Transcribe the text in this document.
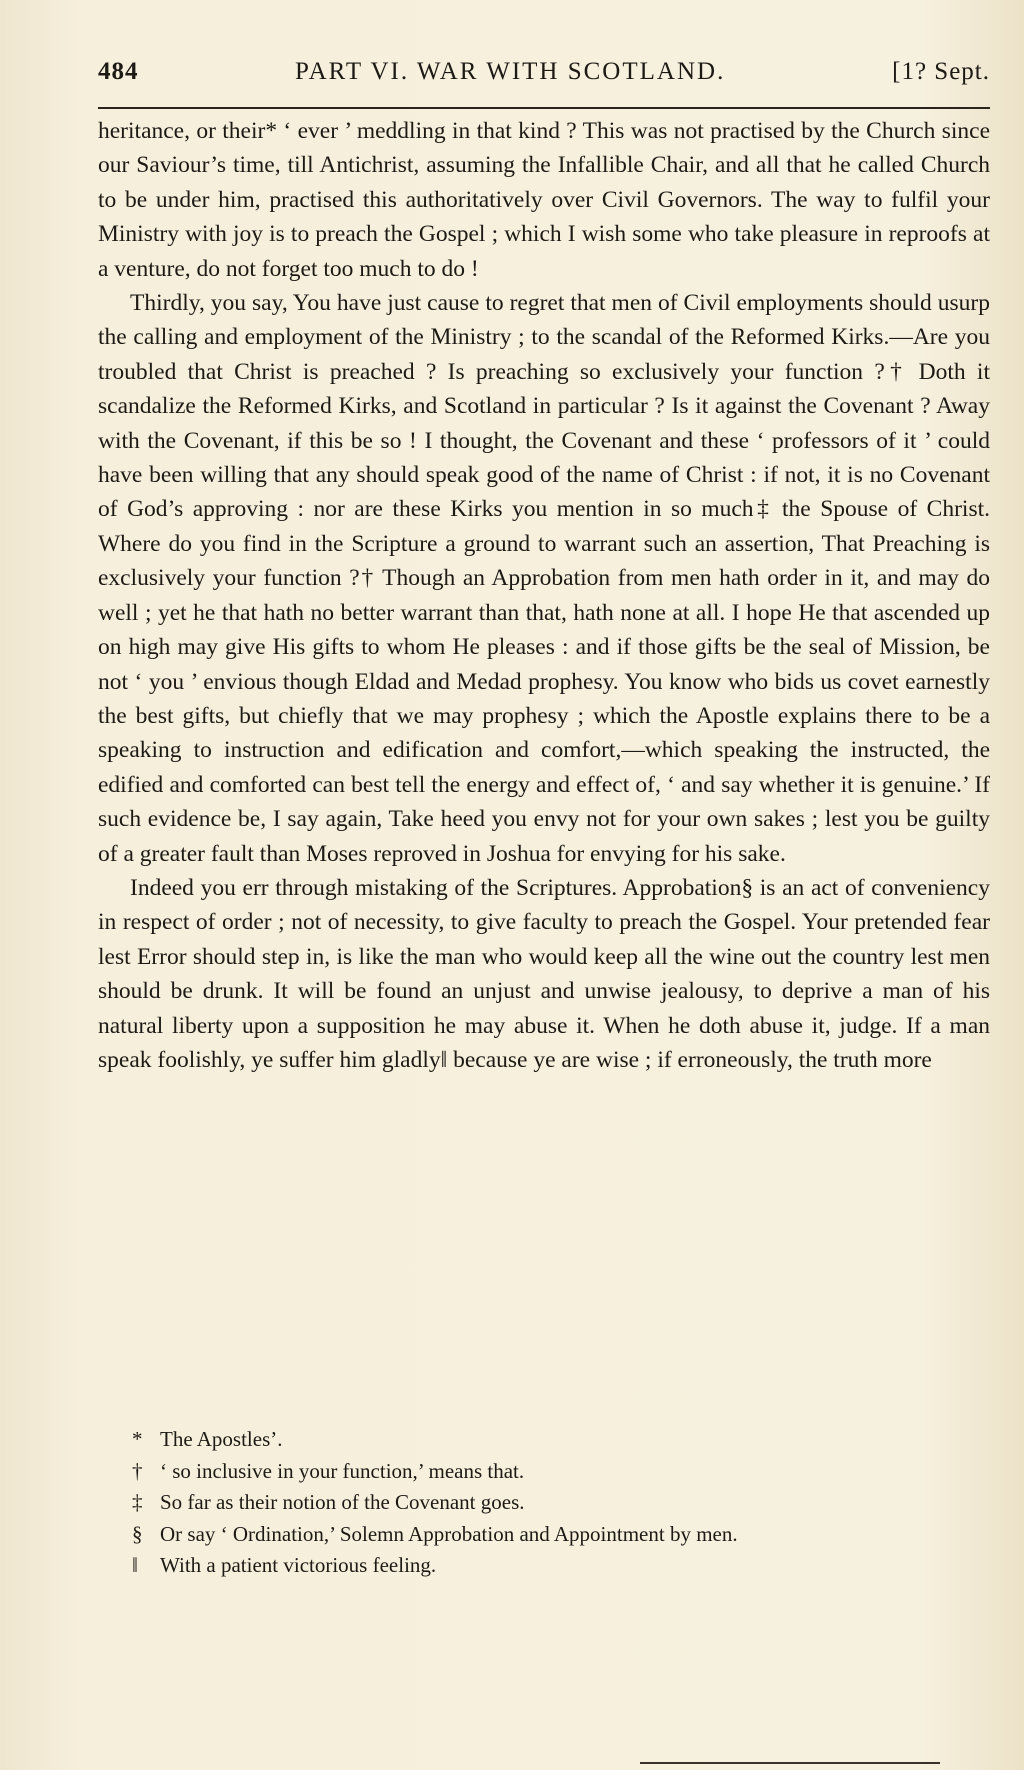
484	PART VI. WAR WITH SCOTLAND.	[1? Sept.

heritance, or their* ‘ ever ’ meddling in that kind ? This was not practised by the Church since our Saviour’s time, till Antichrist, assuming the Infallible Chair, and all that he called Church to be under him, practised this authoritatively over Civil Governors. The way to fulfil your Ministry with joy is to preach the Gospel ; which I wish some who take pleasure in reproofs at a venture, do not forget too much to do !

Thirdly, you say, You have just cause to regret that men of Civil employments should usurp the calling and employment of the Ministry ; to the scandal of the Reformed Kirks.—Are you troubled that Christ is preached ? Is preaching so exclusively your function ?† Doth it scandalize the Reformed Kirks, and Scotland in particular ? Is it against the Covenant ? Away with the Covenant, if this be so ! I thought, the Covenant and these ‘ professors of it ’ could have been willing that any should speak good of the name of Christ : if not, it is no Covenant of God’s approving : nor are these Kirks you mention in so much‡ the Spouse of Christ. Where do you find in the Scripture a ground to warrant such an assertion, That Preaching is exclusively your function ?† Though an Approbation from men hath order in it, and may do well ; yet he that hath no better warrant than that, hath none at all. I hope He that ascended up on high may give His gifts to whom He pleases : and if those gifts be the seal of Mission, be not ‘ you ’ envious though Eldad and Medad prophesy. You know who bids us covet earnestly the best gifts, but chiefly that we may prophesy ; which the Apostle explains there to be a speaking to instruction and edification and comfort,—which speaking the instructed, the edified and comforted can best tell the energy and effect of, ‘ and say whether it is genuine.’ If such evidence be, I say again, Take heed you envy not for your own sakes ; lest you be guilty of a greater fault than Moses reproved in Joshua for envying for his sake.

Indeed you err through mistaking of the Scriptures. Approbation§ is an act of conveniency in respect of order ; not of necessity, to give faculty to preach the Gospel. Your pretended fear lest Error should step in, is like the man who would keep all the wine out the country lest men should be drunk. It will be found an unjust and unwise jealousy, to deprive a man of his natural liberty upon a supposition he may abuse it. When he doth abuse it, judge. If a man speak foolishly, ye suffer him gladly‖ because ye are wise ; if erroneously, the truth more

* The Apostles’.
† ‘ so inclusive in your function,’ means that.
‡ So far as their notion of the Covenant goes.
§ Or say ‘ Ordination,’ Solemn Approbation and Appointment by men.
‖ With a patient victorious feeling.
